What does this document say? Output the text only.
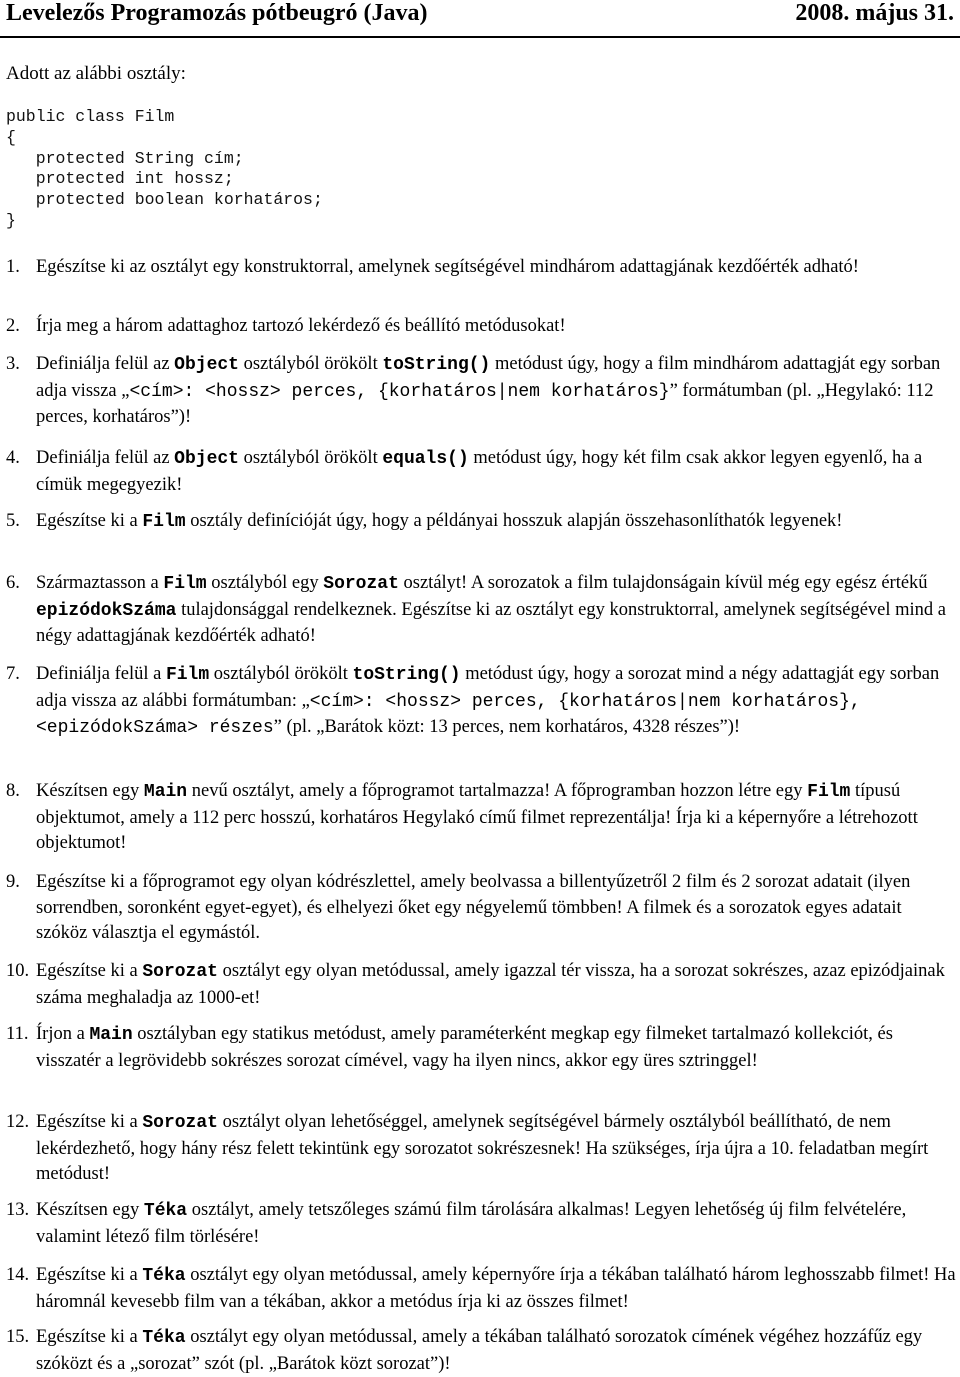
Levelezős Programozás pótbeugró (Java)	2008. május 31.
Adott az alábbi osztály:
public class Film
{
protected String cím;
protected int hossz;
protected boolean korhatáros;
}
1. Egészítse ki az osztályt egy konstruktorral, amelynek segítségével mindhárom adattagjának kezdőérték adható!
2. Írja meg a három adattaghoz tartozó lekérdező és beállító metódusokat!
3. Definiálja felül az Object osztályból örökölt toString() metódust úgy, hogy a film mindhárom adattagját egy sorban adja vissza „<cím>: <hossz> perces, {korhatáros|nem korhatáros}” formátumban (pl. „Hegylakó: 112 perces, korhatáros”)!
4. Definiálja felül az Object osztályból örökölt equals() metódust úgy, hogy két film csak akkor legyen egyenlő, ha a címük megegyezik!
5. Egészítse ki a Film osztály definícióját úgy, hogy a példányai hosszuk alapján összehasonlíthatók legyenek!
6. Származtasson a Film osztályból egy Sorozat osztályt! A sorozatok a film tulajdonságain kívül még egy egész értékű epizódokSzáma tulajdonsággal rendelkeznek. Egészítse ki az osztályt egy konstruktorral, amelynek segítségével mind a négy adattagjának kezdőérték adható!
7. Definiálja felül a Film osztályból örökölt toString() metódust úgy, hogy a sorozat mind a négy adattagját egy sorban adja vissza az alábbi formátumban: „<cím>: <hossz> perces, {korhatáros|nem korhatáros}, <epizódokSzáma> részes” (pl. „Barátok közt: 13 perces, nem korhatáros, 4328 részes”)!
8. Készítsen egy Main nevű osztályt, amely a főprogramot tartalmazza! A főprogramban hozzon létre egy Film típusú objektumot, amely a 112 perc hosszú, korhatáros Hegylakó című filmet reprezentálja! Írja ki a képernyőre a létrehozott objektumot!
9. Egészítse ki a főprogramot egy olyan kódrészlettel, amely beolvassa a billentyűzetről 2 film és 2 sorozat adatait (ilyen sorrendben, soronként egyet-egyet), és elhelyezi őket egy négyelemű tömbben! A filmek és a sorozatok egyes adatait szóköz választja el egymástól.
10. Egészítse ki a Sorozat osztályt egy olyan metódussal, amely igazzal tér vissza, ha a sorozat sokrészes, azaz epizódjainak száma meghaladja az 1000-et!
11. Írjon a Main osztályban egy statikus metódust, amely paraméterként megkap egy filmeket tartalmazó kollekciót, és visszatér a legrövidebb sokrészes sorozat címével, vagy ha ilyen nincs, akkor egy üres sztringgel!
12. Egészítse ki a Sorozat osztályt olyan lehetőséggel, amelynek segítségével bármely osztályból beállítható, de nem lekérdezhető, hogy hány rész felett tekintünk egy sorozatot sokrészesnek! Ha szükséges, írja újra a 10. feladatban megírt metódust!
13. Készítsen egy Téka osztályt, amely tetszőleges számú film tárolására alkalmas! Legyen lehetőség új film felvételére, valamint létező film törlésére!
14. Egészítse ki a Téka osztályt egy olyan metódussal, amely képernyőre írja a tékában található három leghosszabb filmet! Ha háromnál kevesebb film van a tékában, akkor a metódus írja ki az összes filmet!
15. Egészítse ki a Téka osztályt egy olyan metódussal, amely a tékában található sorozatok címének végéhez hozzáfűz egy szóközt és a „sorozat” szót (pl. „Barátok közt sorozat”)!
